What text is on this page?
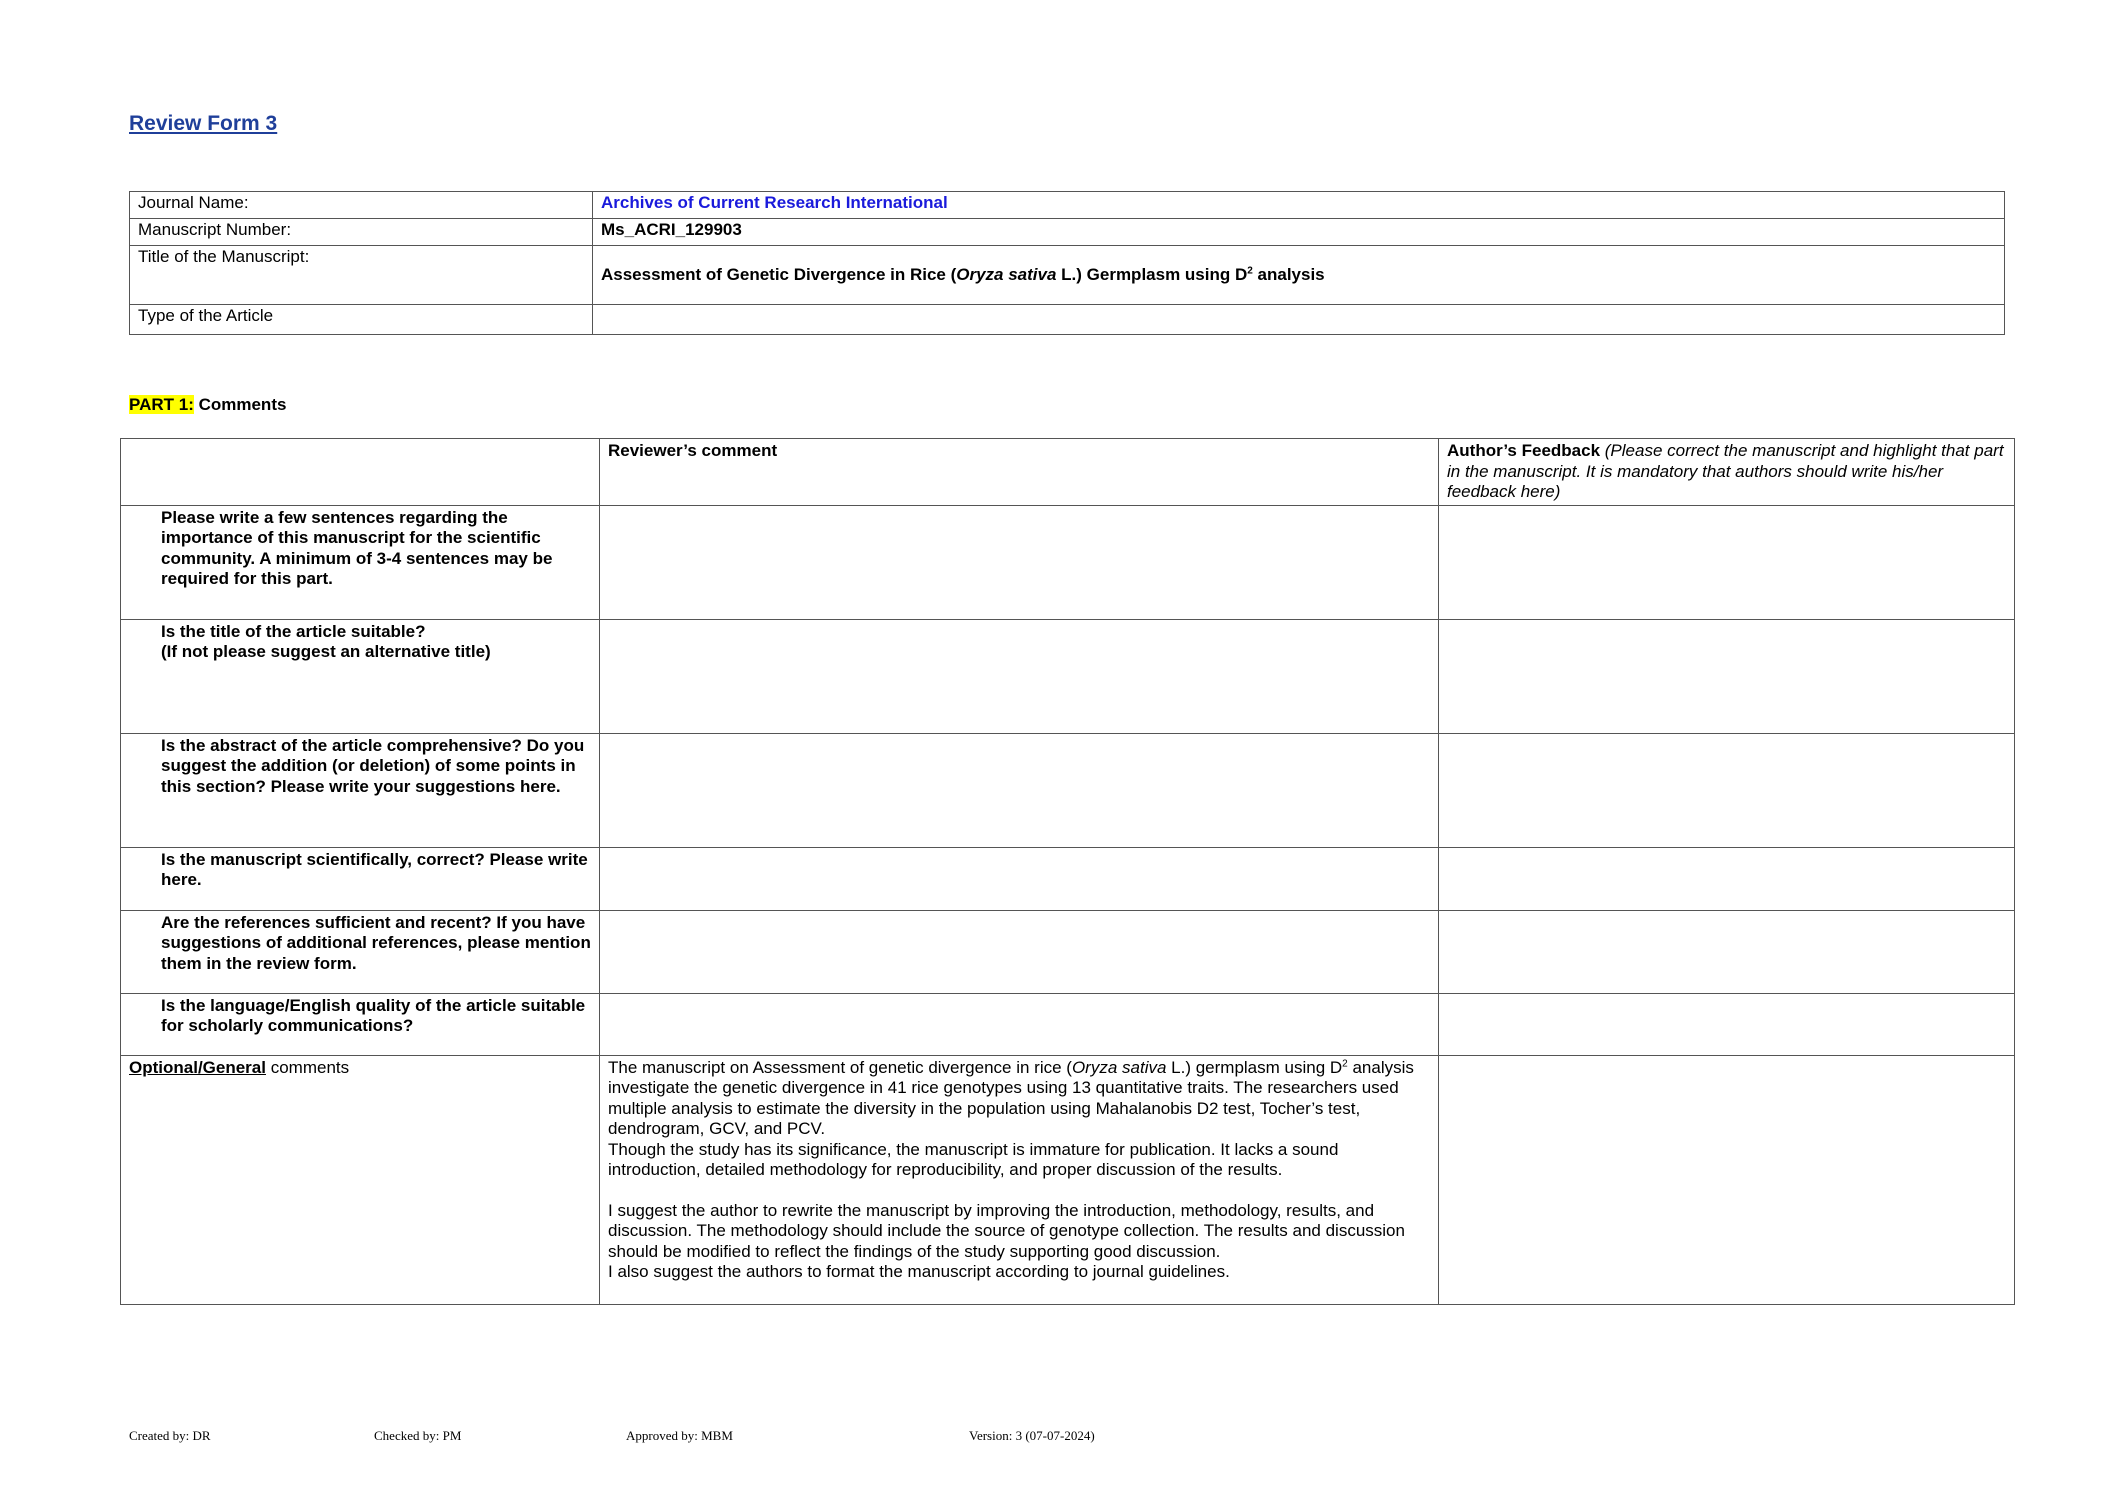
Review Form 3
Journal Name:	Archives of Current Research International
Manuscript Number:	Ms_ACRI_129903
Title of the Manuscript:	Assessment of Genetic Divergence in Rice (Oryza sativa L.) Germplasm using $D^2$ analysis
Type of the Article	
PART 1: Comments
	Reviewer’s comment	Author’s Feedback (Please correct the manuscript and highlight that part in the manuscript. It is mandatory that authors should write his/her feedback here)
Please write a few sentences regarding the importance of this manuscript for the scientific community. A minimum of 3-4 sentences may be required for this part.		
Is the title of the article suitable?
(If not please suggest an alternative title)		
Is the abstract of the article comprehensive? Do you suggest the addition (or deletion) of some points in this section? Please write your suggestions here.		
Is the manuscript scientifically, correct? Please write here.		
Are the references sufficient and recent? If you have suggestions of additional references, please mention them in the review form.		
Is the language/English quality of the article suitable for scholarly communications?		
Optional/General comments	The manuscript on Assessment of genetic divergence in rice (Oryza sativa L.) germplasm using $D^2$ analysis investigate the genetic divergence in 41 rice genotypes using 13 quantitative traits. The researchers used multiple analysis to estimate the diversity in the population using Mahalanobis D2 test, Tocher’s test, dendrogram, GCV, and PCV.

Though the study has its significance, the manuscript is immature for publication. It lacks a sound introduction, detailed methodology for reproducibility, and proper discussion of the results.

I suggest the author to rewrite the manuscript by improving the introduction, methodology, results, and discussion. The methodology should include the source of genotype collection. The results and discussion should be modified to reflect the findings of the study supporting good discussion.

I also suggest the authors to format the manuscript according to journal guidelines.	

Created by: DR	Checked by: PM	Approved by: MBM	Version: 3 (07-07-2024)
